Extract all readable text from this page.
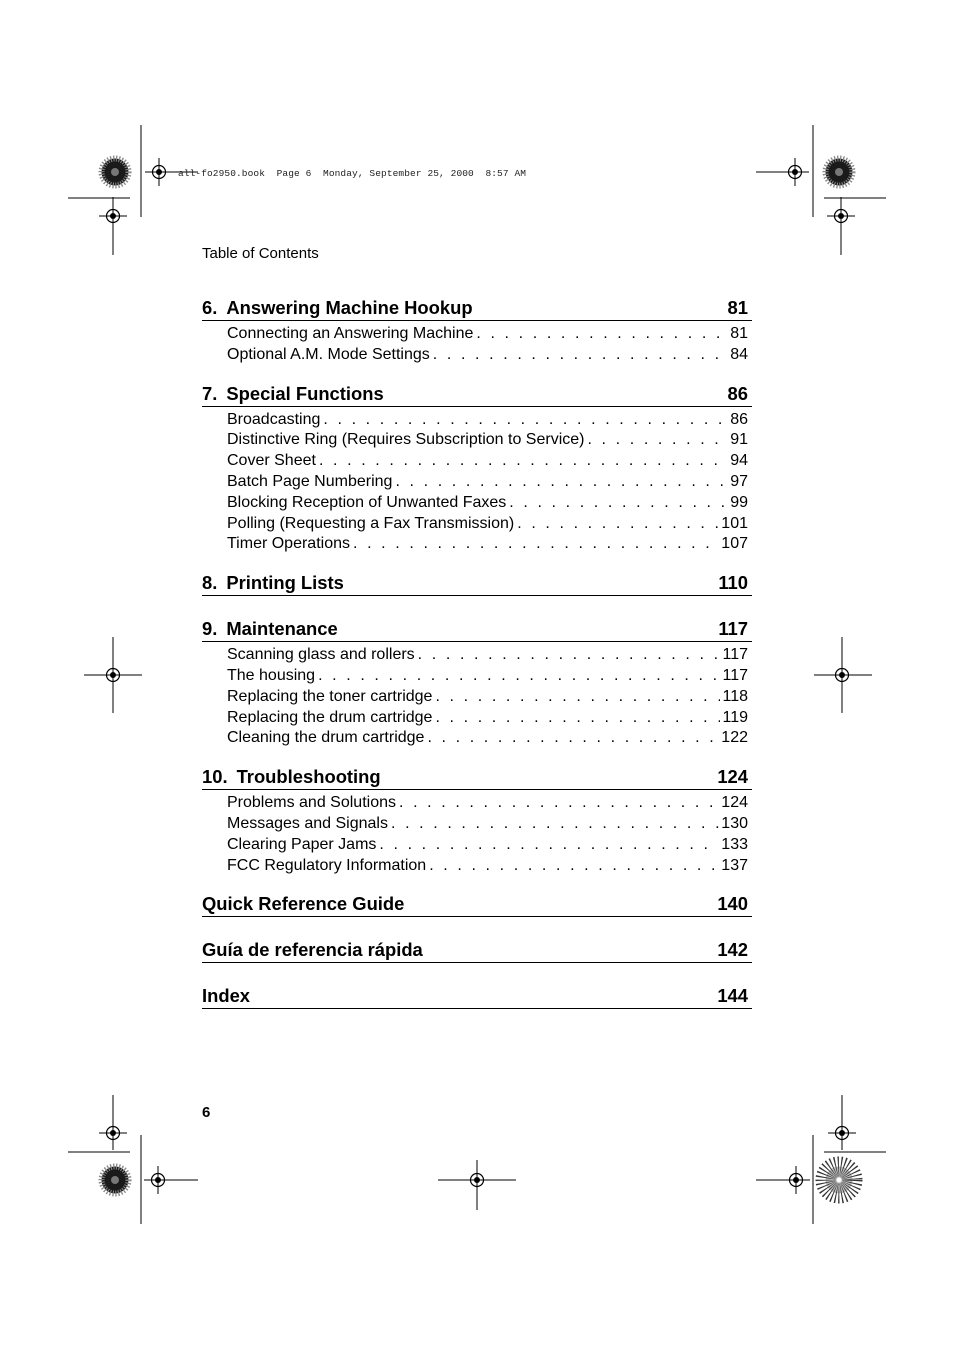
all-fo2950.book  Page 6  Monday, September 25, 2000  8:57 AM
Table of Contents
6. Answering Machine Hookup	81
Connecting an Answering Machine . . .	81
Optional A.M. Mode Settings . . .	84
7. Special Functions	86
Broadcasting . . .	86
Distinctive Ring (Requires Subscription to Service) . . .	91
Cover Sheet . . .	94
Batch Page Numbering . . .	97
Blocking Reception of Unwanted Faxes . . .	99
Polling (Requesting a Fax Transmission) . . .	101
Timer Operations . . .	107
8. Printing Lists	110
9. Maintenance	117
Scanning glass and rollers . . .	117
The housing . . .	117
Replacing the toner cartridge . . .	118
Replacing the drum cartridge . . .	119
Cleaning the drum cartridge . . .	122
10. Troubleshooting	124
Problems and Solutions . . .	124
Messages and Signals . . .	130
Clearing Paper Jams . . .	133
FCC Regulatory Information . . .	137
Quick Reference Guide	140
Guía de referencia rápida	142
Index	144
6
